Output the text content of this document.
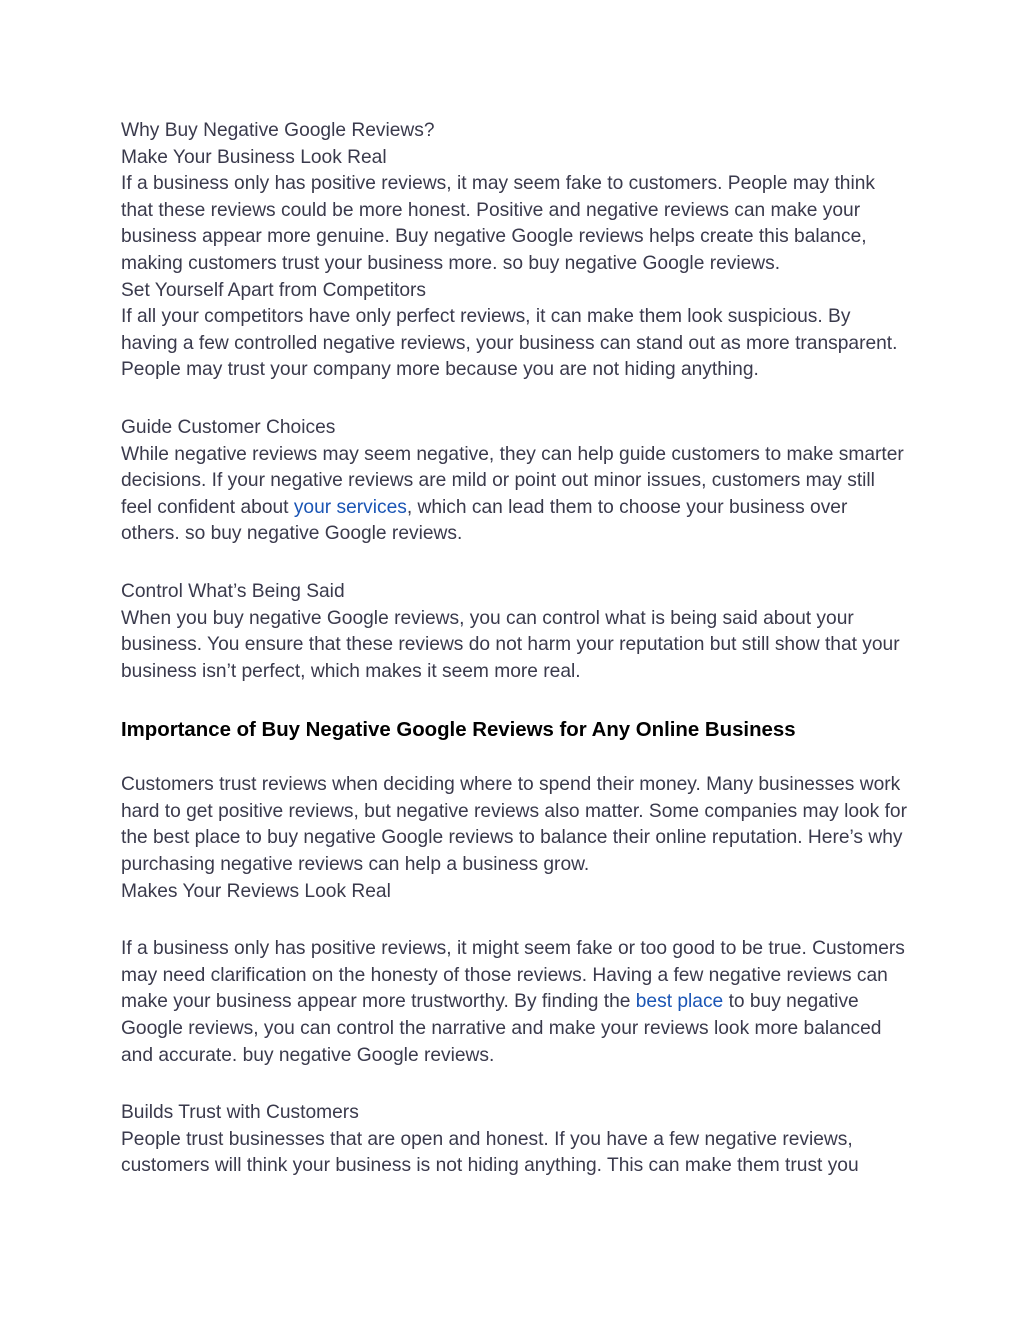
Why Buy Negative Google Reviews?

Make Your Business Look Real

If a business only has positive reviews, it may seem fake to customers. People may think that these reviews could be more honest. Positive and negative reviews can make your business appear more genuine. Buy negative Google reviews helps create this balance, making customers trust your business more. so buy negative Google reviews.

Set Yourself Apart from Competitors

If all your competitors have only perfect reviews, it can make them look suspicious. By having a few controlled negative reviews, your business can stand out as more transparent. People may trust your company more because you are not hiding anything.

Guide Customer Choices

While negative reviews may seem negative, they can help guide customers to make smarter decisions. If your negative reviews are mild or point out minor issues, customers may still feel confident about your services, which can lead them to choose your business over others. so buy negative Google reviews.

Control What’s Being Said

When you buy negative Google reviews, you can control what is being said about your business. You ensure that these reviews do not harm your reputation but still show that your business isn’t perfect, which makes it seem more real.

Importance of Buy Negative Google Reviews for Any Online Business

Customers trust reviews when deciding where to spend their money. Many businesses work hard to get positive reviews, but negative reviews also matter. Some companies may look for the best place to buy negative Google reviews to balance their online reputation. Here’s why purchasing negative reviews can help a business grow.

Makes Your Reviews Look Real

If a business only has positive reviews, it might seem fake or too good to be true. Customers may need clarification on the honesty of those reviews. Having a few negative reviews can make your business appear more trustworthy. By finding the best place to buy negative Google reviews, you can control the narrative and make your reviews look more balanced and accurate. buy negative Google reviews.

Builds Trust with Customers

People trust businesses that are open and honest. If you have a few negative reviews, customers will think your business is not hiding anything. This can make them trust you
